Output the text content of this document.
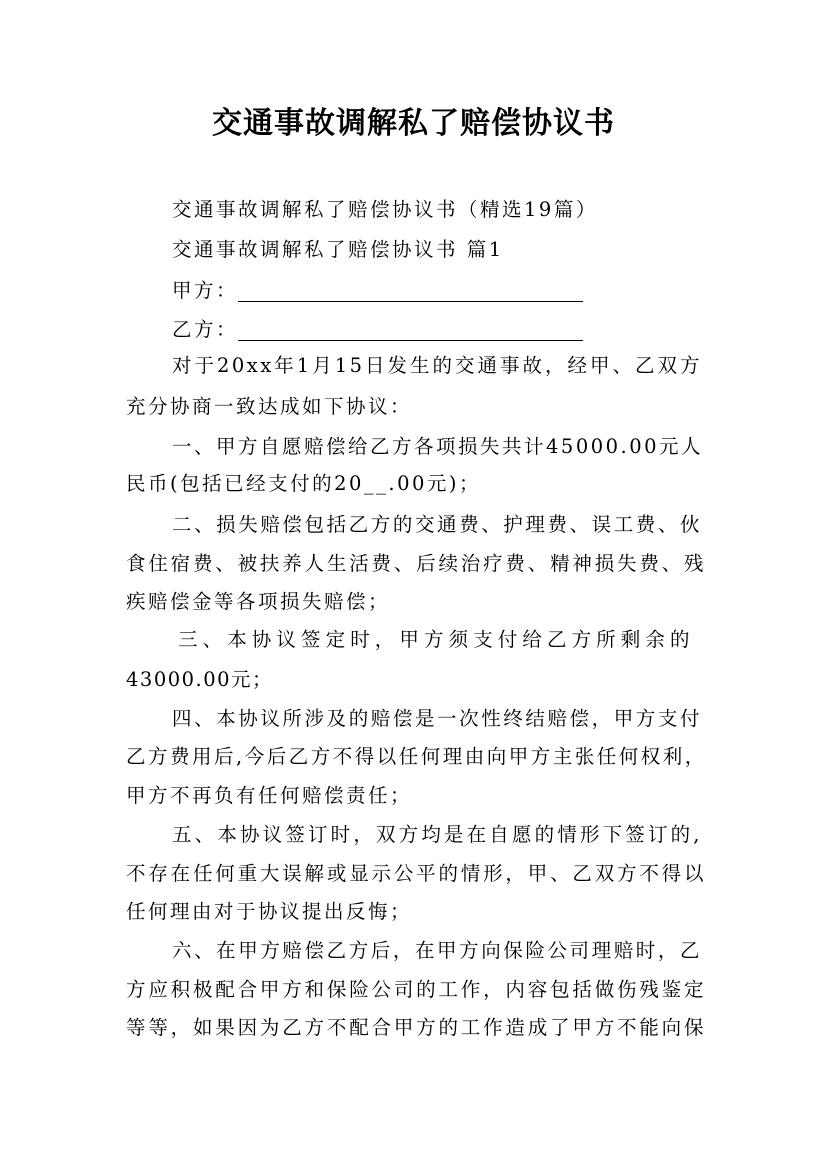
交通事故调解私了赔偿协议书
交通事故调解私了赔偿协议书（精选19篇）
交通事故调解私了赔偿协议书 篇1
甲方：
乙方：
对于20xx年1月15日发生的交通事故，经甲、乙双方
充分协商一致达成如下协议：
一、甲方自愿赔偿给乙方各项损失共计45000.00元人
民币(包括已经支付的20__.00元)；
二、损失赔偿包括乙方的交通费、护理费、误工费、伙
食住宿费、被扶养人生活费、后续治疗费、精神损失费、残
疾赔偿金等各项损失赔偿；
三、本协议签定时，甲方须支付给乙方所剩余的
43000.00元；
四、本协议所涉及的赔偿是一次性终结赔偿，甲方支付
乙方费用后,今后乙方不得以任何理由向甲方主张任何权利，
甲方不再负有任何赔偿责任；
五、本协议签订时，双方均是在自愿的情形下签订的,
不存在任何重大误解或显示公平的情形，甲、乙双方不得以
任何理由对于协议提出反悔；
六、在甲方赔偿乙方后，在甲方向保险公司理赔时，乙
方应积极配合甲方和保险公司的工作，内容包括做伤残鉴定
等等，如果因为乙方不配合甲方的工作造成了甲方不能向保
